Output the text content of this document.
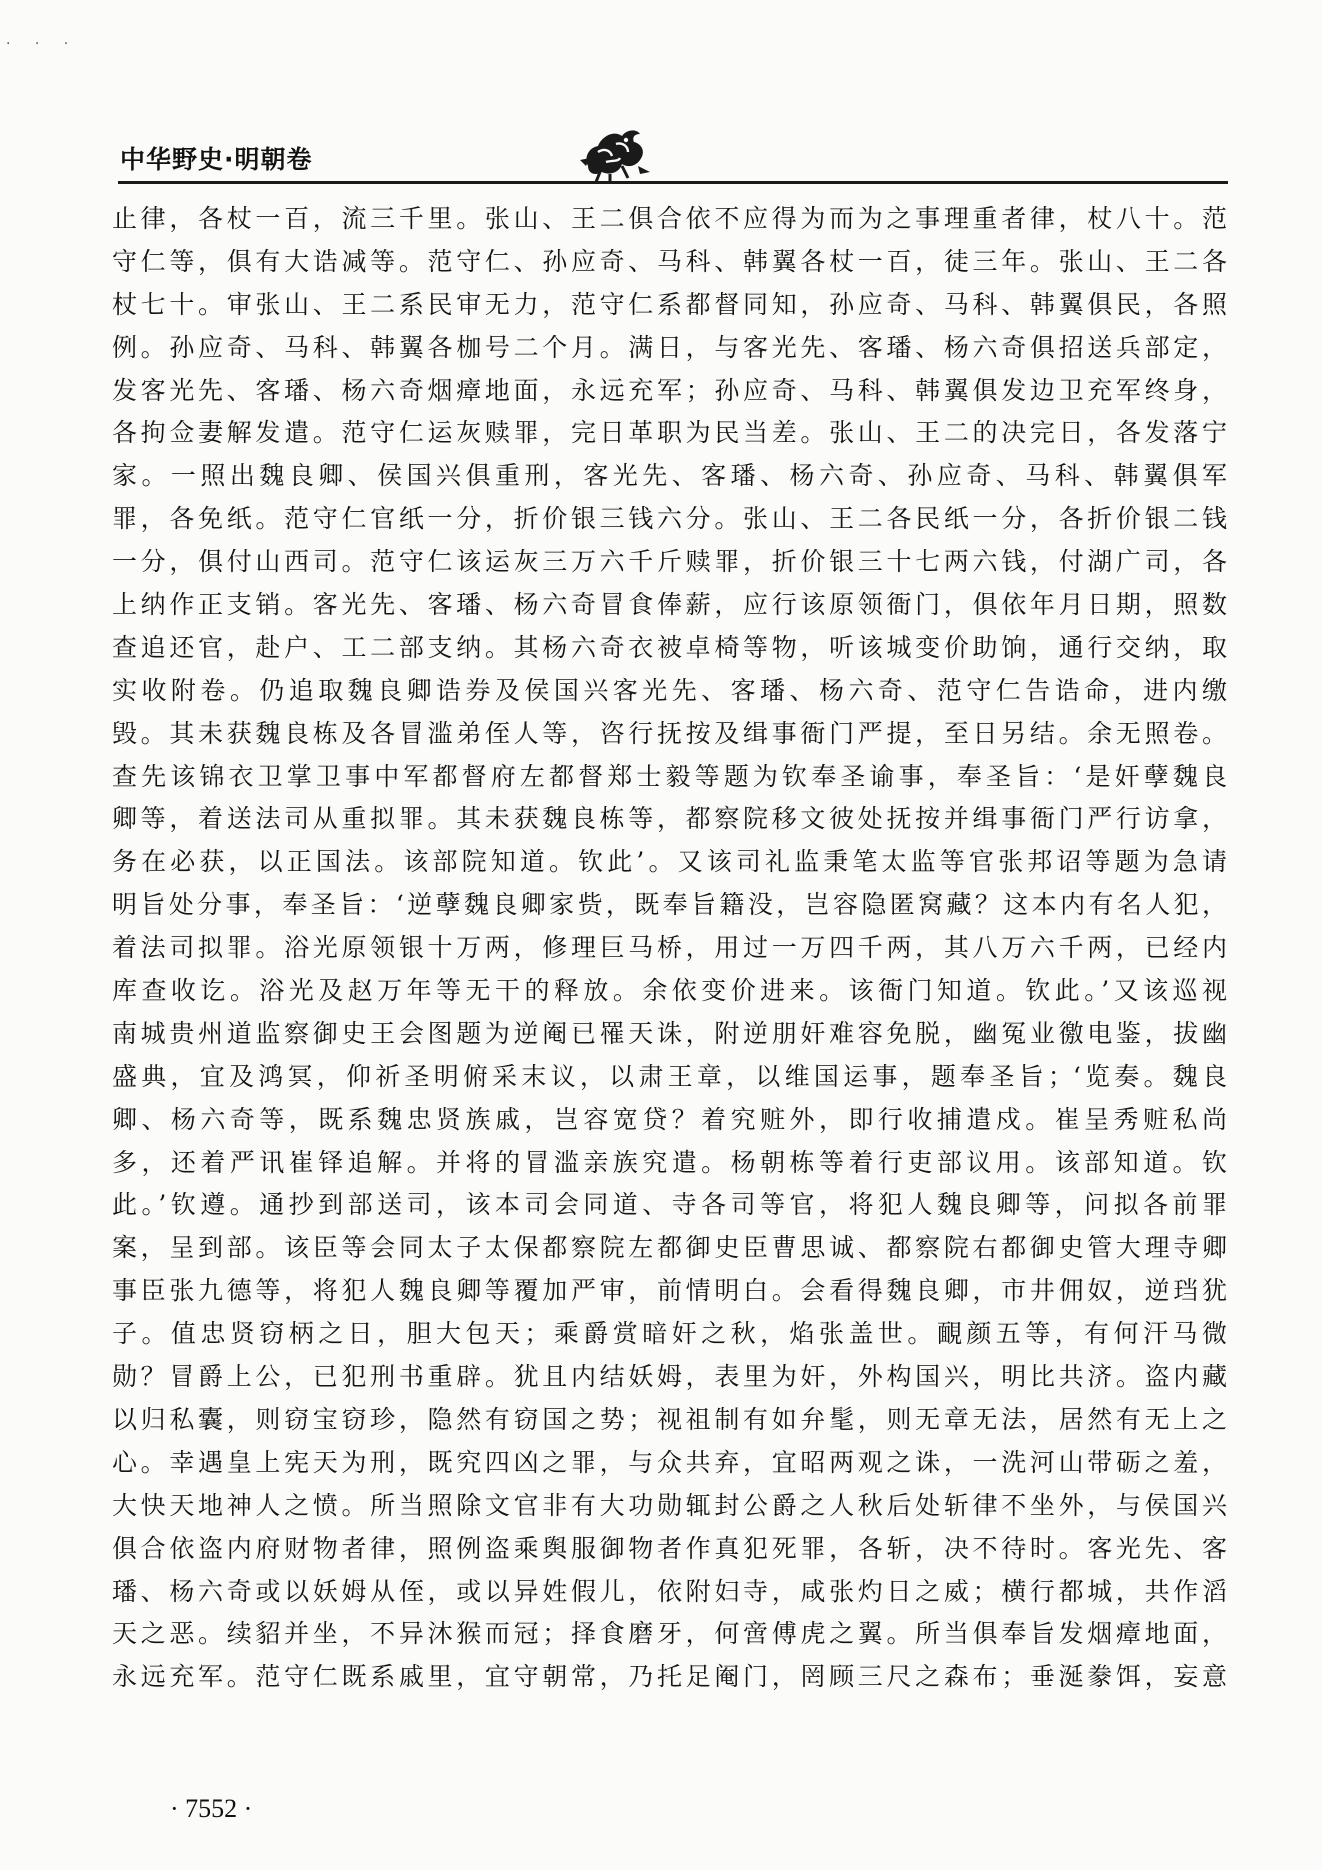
· · ·
中华野史·明朝卷
止律，各杖一百，流三千里。张山、王二俱合依不应得为而为之事理重者律，杖八十。范
守仁等，俱有大诰减等。范守仁、孙应奇、马科、韩翼各杖一百，徒三年。张山、王二各
杖七十。审张山、王二系民审无力，范守仁系都督同知，孙应奇、马科、韩翼俱民，各照
例。孙应奇、马科、韩翼各枷号二个月。满日，与客光先、客璠、杨六奇俱招送兵部定，
发客光先、客璠、杨六奇烟瘴地面，永远充军；孙应奇、马科、韩翼俱发边卫充军终身，
各拘佥妻解发遣。范守仁运灰赎罪，完日革职为民当差。张山、王二的决完日，各发落宁
家。一照出魏良卿、侯国兴俱重刑，客光先、客璠、杨六奇、孙应奇、马科、韩翼俱军
罪，各免纸。范守仁官纸一分，折价银三钱六分。张山、王二各民纸一分，各折价银二钱
一分，俱付山西司。范守仁该运灰三万六千斤赎罪，折价银三十七两六钱，付湖广司，各
上纳作正支销。客光先、客璠、杨六奇冒食俸薪，应行该原领衙门，俱依年月日期，照数
查追还官，赴户、工二部支纳。其杨六奇衣被卓椅等物，听该城变价助饷，通行交纳，取
实收附卷。仍追取魏良卿诰券及侯国兴客光先、客璠、杨六奇、范守仁告诰命，进内缴
毁。其未获魏良栋及各冒滥弟侄人等，咨行抚按及缉事衙门严提，至日另结。余无照卷。
查先该锦衣卫掌卫事中军都督府左都督郑士毅等题为钦奉圣谕事，奉圣旨：‘是奸孽魏良
卿等，着送法司从重拟罪。其未获魏良栋等，都察院移文彼处抚按并缉事衙门严行访拿，
务在必获，以正国法。该部院知道。钦此’。又该司礼监秉笔太监等官张邦诏等题为急请
明旨处分事，奉圣旨：‘逆孽魏良卿家赀，既奉旨籍没，岂容隐匿窝藏？这本内有名人犯，
着法司拟罪。浴光原领银十万两，修理巨马桥，用过一万四千两，其八万六千两，已经内
库查收讫。浴光及赵万年等无干的释放。余依变价进来。该衙门知道。钦此。’又该巡视
南城贵州道监察御史王会图题为逆阉已罹天诛，附逆朋奸难容免脱，幽冤业徼电鉴，拔幽
盛典，宜及鸿冥，仰祈圣明俯采末议，以肃王章，以维国运事，题奉圣旨；‘览奏。魏良
卿、杨六奇等，既系魏忠贤族戚，岂容宽贷？着究赃外，即行收捕遣戍。崔呈秀赃私尚
多，还着严讯崔铎追解。并将的冒滥亲族究遣。杨朝栋等着行吏部议用。该部知道。钦
此。’钦遵。通抄到部送司，该本司会同道、寺各司等官，将犯人魏良卿等，问拟各前罪
案，呈到部。该臣等会同太子太保都察院左都御史臣曹思诚、都察院右都御史管大理寺卿
事臣张九德等，将犯人魏良卿等覆加严审，前情明白。会看得魏良卿，市井佣奴，逆珰犹
子。值忠贤窃柄之日，胆大包天；乘爵赏暗奸之秋，焰张盖世。靦颜五等，有何汗马微
勋？冒爵上公，已犯刑书重辟。犹且内结妖姆，表里为奸，外构国兴，明比共济。盗内藏
以归私囊，则窃宝窃珍，隐然有窃国之势；视祖制有如弁髦，则无章无法，居然有无上之
心。幸遇皇上宪天为刑，既究四凶之罪，与众共弃，宜昭两观之诛，一洗河山带砺之羞，
大快天地神人之愤。所当照除文官非有大功勋辄封公爵之人秋后处斩律不坐外，与侯国兴
俱合依盗内府财物者律，照例盗乘舆服御物者作真犯死罪，各斩，决不待时。客光先、客
璠、杨六奇或以妖姆从侄，或以异姓假儿，依附妇寺，咸张灼日之威；横行都城，共作滔
天之恶。续貂并坐，不异沐猴而冠；择食磨牙，何啻傅虎之翼。所当俱奉旨发烟瘴地面，
永远充军。范守仁既系戚里，宜守朝常，乃托足阉门，罔顾三尺之森布；垂涎豢饵，妄意
· 7552 ·
